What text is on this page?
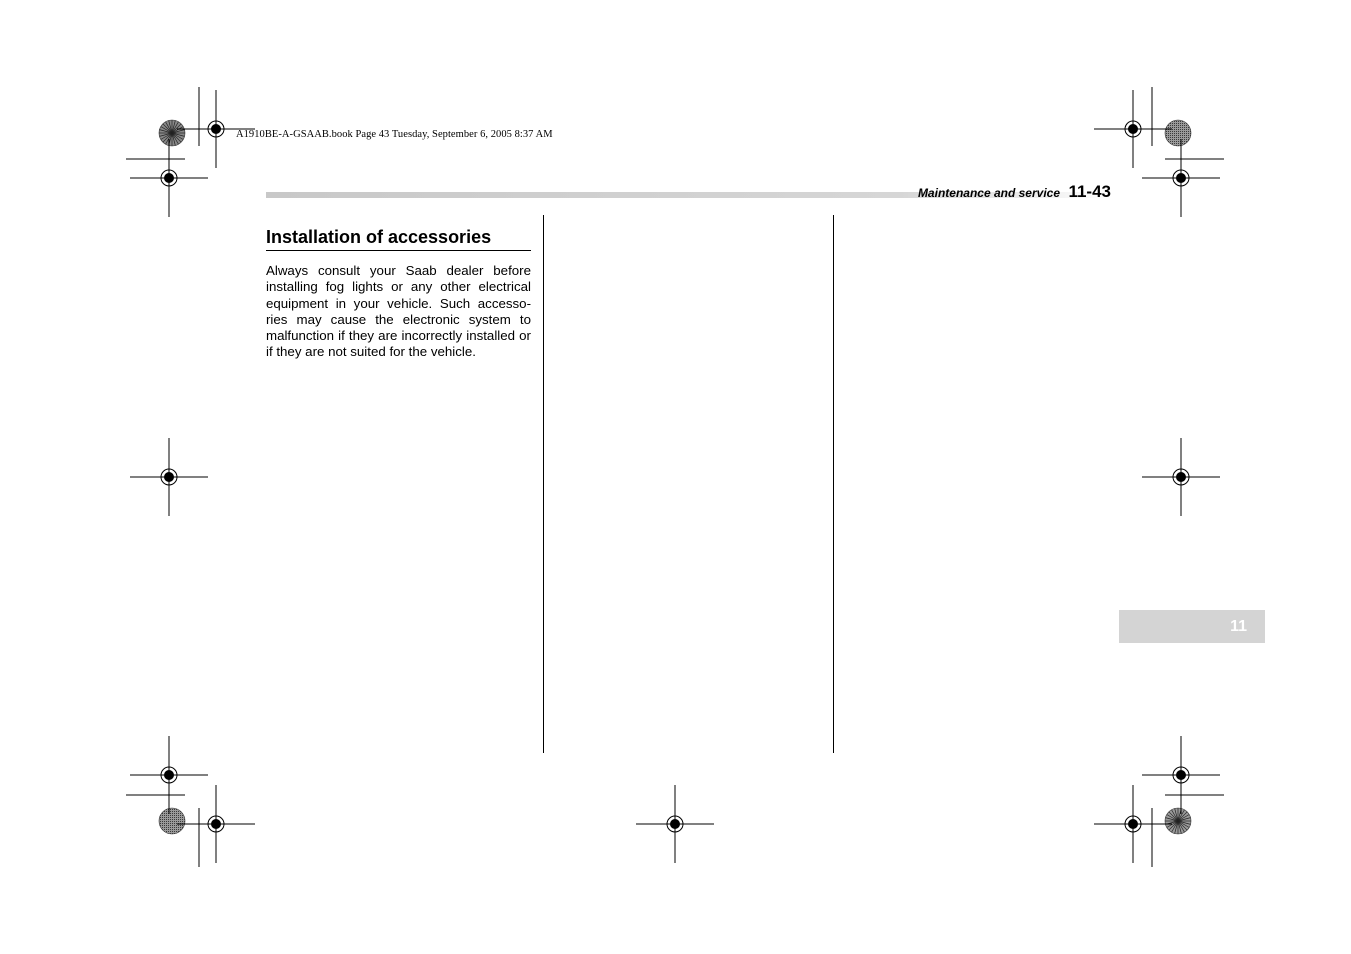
A1910BE-A-GSAAB.book Page 43 Tuesday, September 6, 2005 8:37 AM
Maintenance and service 11-43
Installation of accessories

Always consult your Saab dealer before installing fog lights or any other electrical equipment in your vehicle. Such accesso-ries may cause the electronic system to malfunction if they are incorrectly installed or if they are not suited for the vehicle.

11
